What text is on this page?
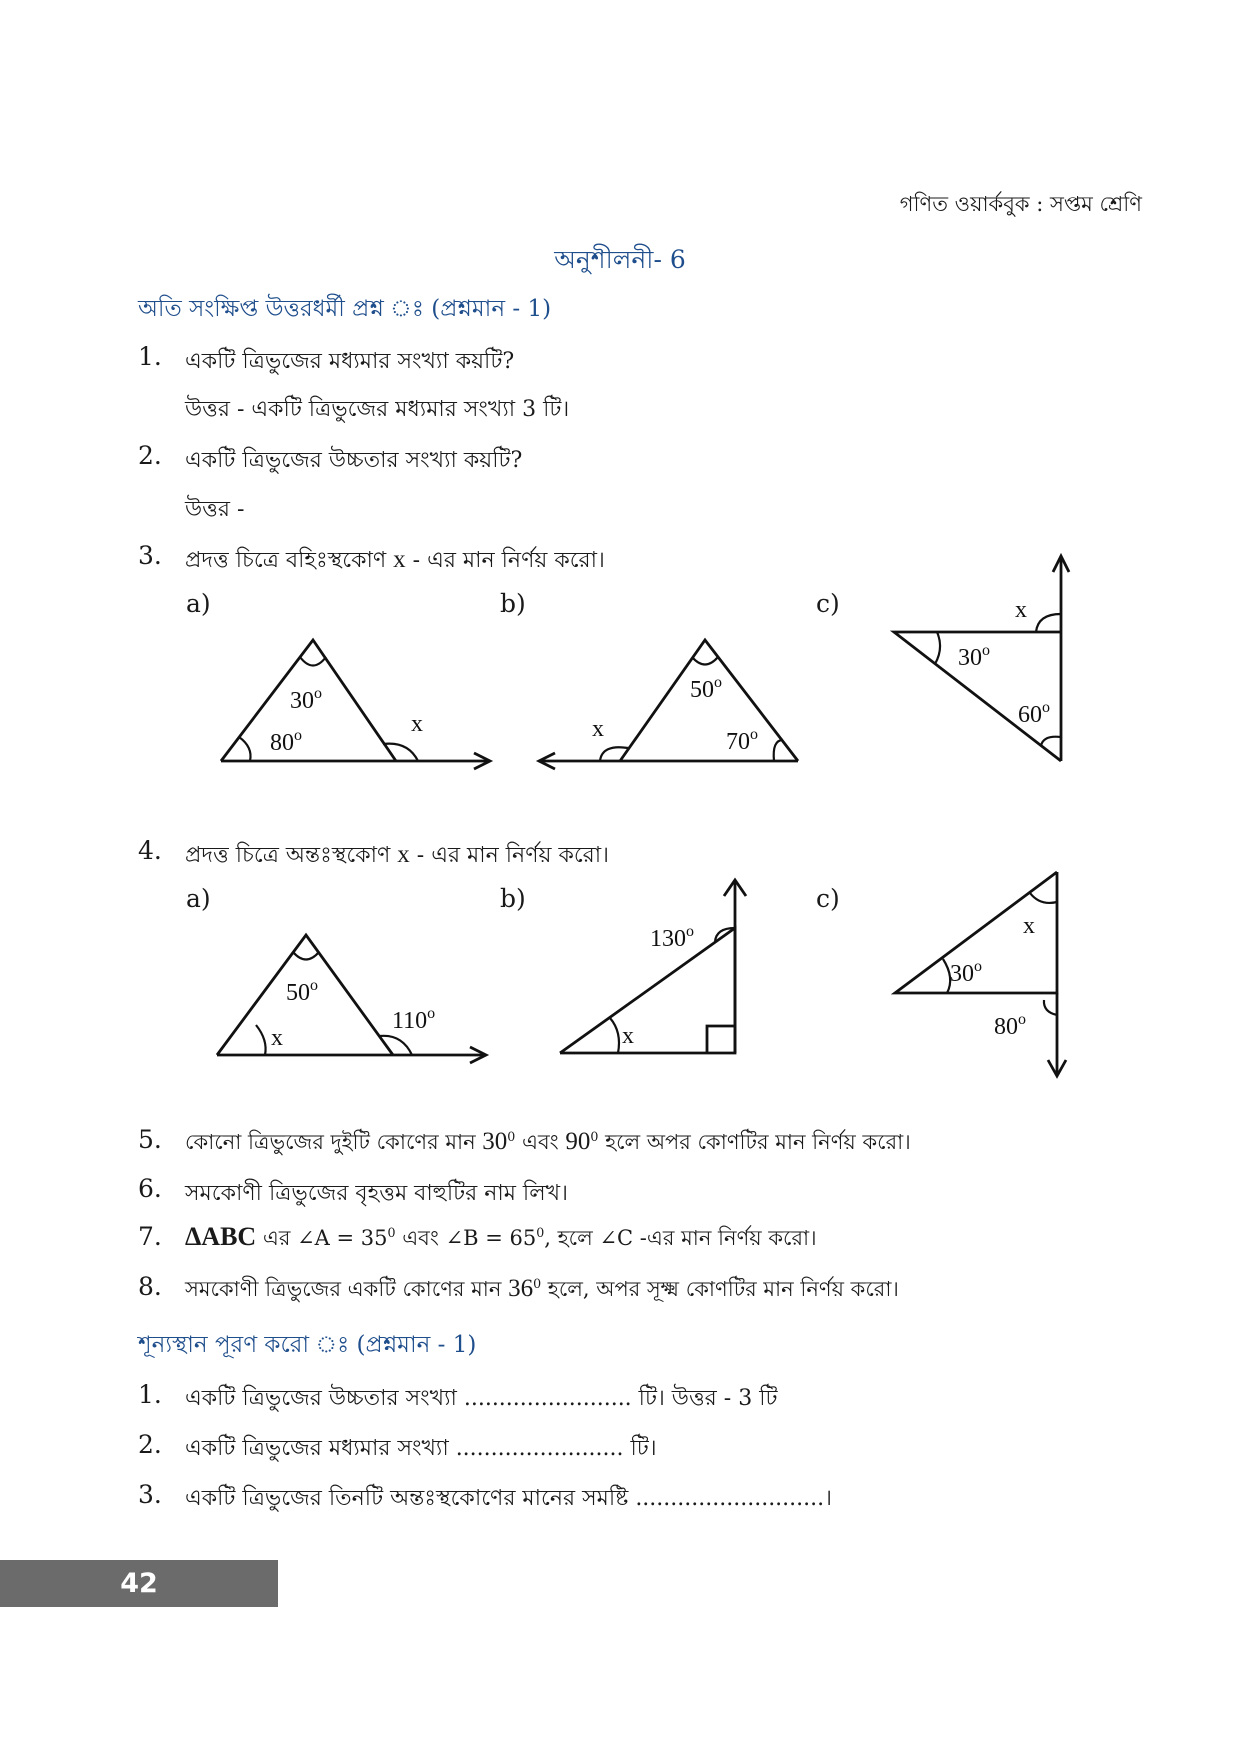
গণিত ওয়ার্কবুক : সপ্তম শ্রেণি
অনুশীলনী- 6
অতি সংক্ষিপ্ত উত্তরধর্মী প্রশ্ন ঃ (প্রশ্নমান - 1)
1. একটি ত্রিভুজের মধ্যমার সংখ্যা কয়টি?
উত্তর - একটি ত্রিভুজের মধ্যমার সংখ্যা 3 টি।
2. একটি ত্রিভুজের উচ্চতার সংখ্যা কয়টি?
উত্তর -
3. প্রদত্ত চিত্রে বহিঃস্থকোণ x - এর মান নির্ণয় করো।
a)	b)	c)
30$^o$
80$^o$	x
50$^o$
70$^o$
x
30$^o$
60$^o$
x
4. প্রদত্ত চিত্রে অন্তঃস্থকোণ x - এর মান নির্ণয় করো।
a)	b)	c)
50$^o$
x
110$^o$
130$^o$
x
x
30$^o$
80$^o$
5. কোনো ত্রিভুজের দুইটি কোণের মান $30^0$ এবং $90^0$ হলে অপর কোণটির মান নির্ণয় করো।
6. সমকোণী ত্রিভুজের বৃহত্তম বাহুটির নাম লিখ।
7. ΔABC এর ∠A = $35^0$ এবং ∠B = $65^0$, হলে ∠C -এর মান নির্ণয় করো।
8. সমকোণী ত্রিভুজের একটি কোণের মান $36^0$ হলে, অপর সূক্ষ্ম কোণটির মান নির্ণয় করো।
শূন্যস্থান পূরণ করো ঃ (প্রশ্নমান - 1)
1. একটি ত্রিভুজের উচ্চতার সংখ্যা ........................ টি। উত্তর - 3 টি
2. একটি ত্রিভুজের মধ্যমার সংখ্যা ........................ টি।
3. একটি ত্রিভুজের তিনটি অন্তঃস্থকোণের মানের সমষ্টি ...........................।
42
